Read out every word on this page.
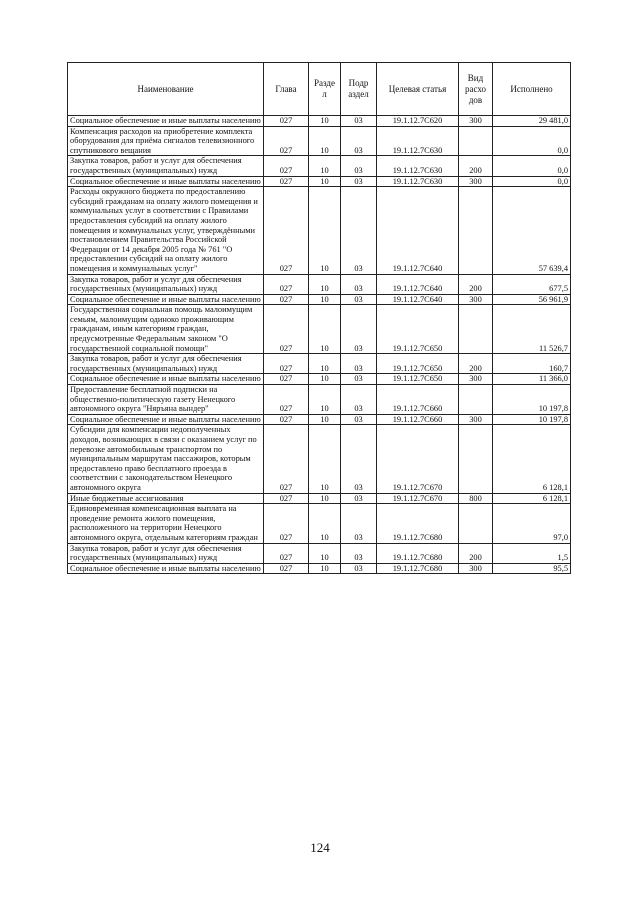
Наименование	Глава	Разде л	Подр аздел	Целевая статья	Вид расхо дов	Исполнено
Социальное обеспечение и иные выплаты населению	027	10	03	19.1.12.7С620	300	29 481,0
Компенсация расходов на приобретение комплекта оборудования для приёма сигналов телевизионного спутникового вещания	027	10	03	19.1.12.7С630		0,0
Закупка товаров, работ и услуг для обеспечения государственных (муниципальных) нужд	027	10	03	19.1.12.7С630	200	0,0
Социальное обеспечение и иные выплаты населению	027	10	03	19.1.12.7С630	300	0,0
Расходы окружного бюджета по предоставлению субсидий гражданам на оплату жилого помещения и коммунальных услуг в соответствии с Правилами предоставления субсидий на оплату жилого помещения и коммунальных услуг, утверждёнными постановлением Правительства Российской Федерации от 14 декабря 2005 года № 761 "О предоставлении субсидий на оплату жилого помещения и коммунальных услуг"	027	10	03	19.1.12.7С640		57 639,4
Закупка товаров, работ и услуг для обеспечения государственных (муниципальных) нужд	027	10	03	19.1.12.7С640	200	677,5
Социальное обеспечение и иные выплаты населению	027	10	03	19.1.12.7С640	300	56 961,9
Государственная социальная помощь малоимущим семьям, малоимущим одиноко проживающим гражданам, иным категориям граждан, предусмотренные Федеральным законом "О государственной социальной помощи"	027	10	03	19.1.12.7С650		11 526,7
Закупка товаров, работ и услуг для обеспечения государственных (муниципальных) нужд	027	10	03	19.1.12.7С650	200	160,7
Социальное обеспечение и иные выплаты населению	027	10	03	19.1.12.7С650	300	11 366,0
Предоставление бесплатной подписки на общественно-политическую газету Ненецкого автономного округа "Няръяна вындер"	027	10	03	19.1.12.7С660		10 197,8
Социальное обеспечение и иные выплаты населению	027	10	03	19.1.12.7С660	300	10 197,8
Субсидии для компенсации недополученных доходов, возникающих в связи с оказанием услуг по перевозке автомобильным транспортом по муниципальным маршрутам пассажиров, которым предоставлено право бесплатного проезда в соответствии с законодательством Ненецкого автономного округа	027	10	03	19.1.12.7С670		6 128,1
Иные бюджетные ассигнования	027	10	03	19.1.12.7С670	800	6 128,1
Единовременная компенсационная выплата на проведение ремонта жилого помещения, расположенного на территории Ненецкого автономного округа, отдельным категориям граждан	027	10	03	19.1.12.7С680		97,0
Закупка товаров, работ и услуг для обеспечения государственных (муниципальных) нужд	027	10	03	19.1.12.7С680	200	1,5
Социальное обеспечение и иные выплаты населению	027	10	03	19.1.12.7С680	300	95,5
124
